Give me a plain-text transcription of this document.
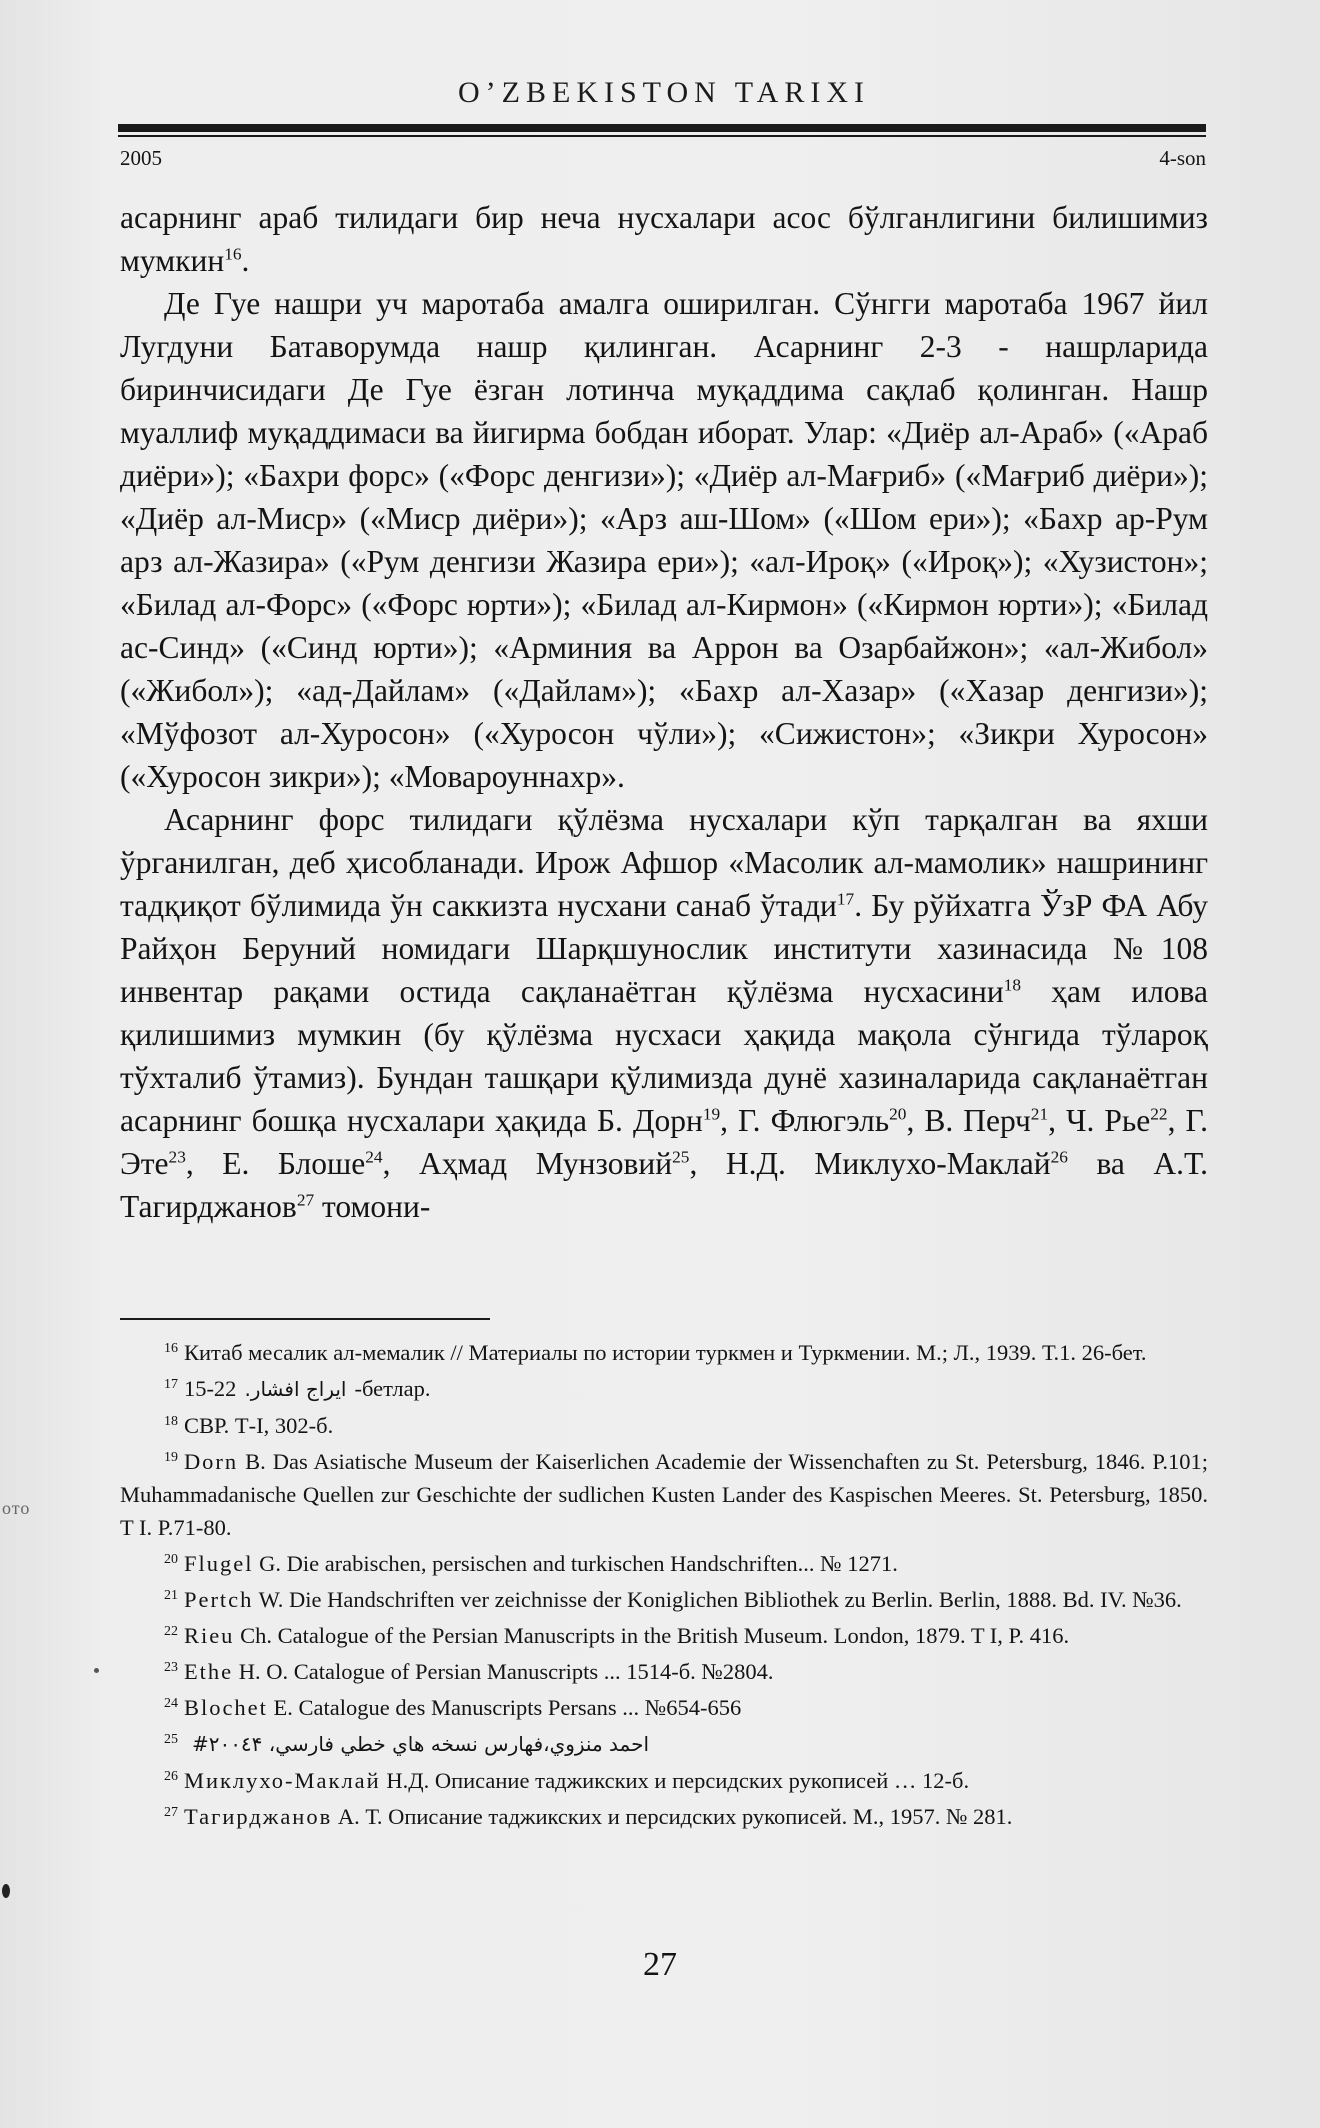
O’ZBEKISTON TARIXI
2005	4-son

асарнинг араб тилидаги бир неча нусхалари асос бўлганлигини билишимиз мумкин$^{16}$.

Де Гуе нашри уч маротаба амалга оширилган. Сўнгги маротаба 1967 йил Лугдуни Батаворумда нашр қилинган. Асарнинг 2-3 - нашрларида биринчисидаги Де Гуе ёзган лотинча муқаддима сақлаб қолинган. Нашр муаллиф муқаддимаси ва йигирма бобдан иборат. Улар: «Диёр ал-Араб» («Араб диёри»); «Бахри форс» («Форс денгизи»); «Диёр ал-Мағриб» («Мағриб диёри»); «Диёр ал-Миср» («Миср диёри»); «Арз аш-Шом» («Шом ери»); «Бахр ар-Рум арз ал-Жазира» («Рум денгизи Жазира ери»); «ал-Ироқ» («Ироқ»); «Хузистон»; «Билад ал-Форс» («Форс юрти»); «Билад ал-Кирмон» («Кирмон юрти»); «Билад ас-Синд» («Синд юрти»); «Арминия ва Аррон ва Озарбайжон»; «ал-Жибол» («Жибол»); «ад-Дайлам» («Дайлам»); «Бахр ал-Хазар» («Хазар денгизи»); «Мўфозот ал-Хуросон» («Хуросон чўли»); «Сижистон»; «Зикри Хуросон» («Хуросон зикри»); «Мовароуннахр».

Асарнинг форс тилидаги қўлёзма нусхалари кўп тарқалган ва яхши ўрганилган, деб ҳисобланади. Ирож Афшор «Масолик ал-мамолик» нашрининг тадқиқот бўлимида ўн саккизта нусхани санаб ўтади$^{17}$. Бу рўйхатга ЎзР ФА Абу Райҳон Беруний номидаги Шарқшунослик институти хазинасида №108 инвентар рақами остида сақланаётган қўлёзма нусхасини$^{18}$ ҳам илова қилишимиз мумкин (бу қўлёзма нусхаси ҳақида мақола сўнгида тўлароқ тўхталиб ўтамиз). Бундан ташқари қўлимизда дунё хазиналарида сақланаётган асарнинг бошқа нусхалари ҳақида Б. Дорн$^{19}$, Г. Флюгэль$^{20}$, В. Перч$^{21}$, Ч. Рье$^{22}$, Г. Эте$^{23}$, Е. Блоше$^{24}$, Аҳмад Мунзовий$^{25}$, Н.Д. Миклухо-Маклай$^{26}$ ва А.Т. Тагирджанов$^{27}$ томони-

$^{16}$ Китаб месалик ал-мемалик // Материалы по истории туркмен и Туркмении. М.; Л., 1939. Т.1. 26-бет.

$^{17}$	ايراج افشار.15-22-бетлар.

$^{18}$ СВР. Т-І, 302-б.

$^{19}$ Dorn B. Das Asiatische Museum der Kaiserlichen Academie der Wissenchaften zu St. Petersburg, 1846. P.101; Muhammadanische Quellen zur Geschichte der sudlichen Kusten Lander des Kaspischen Meeres. St. Petersburg, 1850. T I. P.71-80.

$^{20}$ Flugel G. Die arabischen, persischen and turkischen Handschriften... № 1271.

$^{21}$ Pertch W. Die Handschriften ver zeichnisse der Koniglichen Bibliothek zu Berlin. Berlin, 1888. Bd. IV. №36.

$^{22}$ Rieu Ch. Catalogue of the Persian Manuscripts in the British Museum. London, 1879. T I, P. 416.

$^{23}$ Ethe H. O. Catalogue of Persian Manuscripts ... 1514-б. №2804.

$^{24}$ Blochet E. Catalogue des Manuscripts Persans ... №654-656

$^{25}$ احمد منزوي،فهارس نسخه هاي خطي فارسي، ٢٠٠٤۴#

$^{26}$ Миклухо-Маклай Н.Д. Описание таджикских и персидских рукописей … 12-б.

$^{27}$ Тагирджанов А. Т. Описание таджикских и персидских рукописей. М., 1957. № 281.

27
ото
